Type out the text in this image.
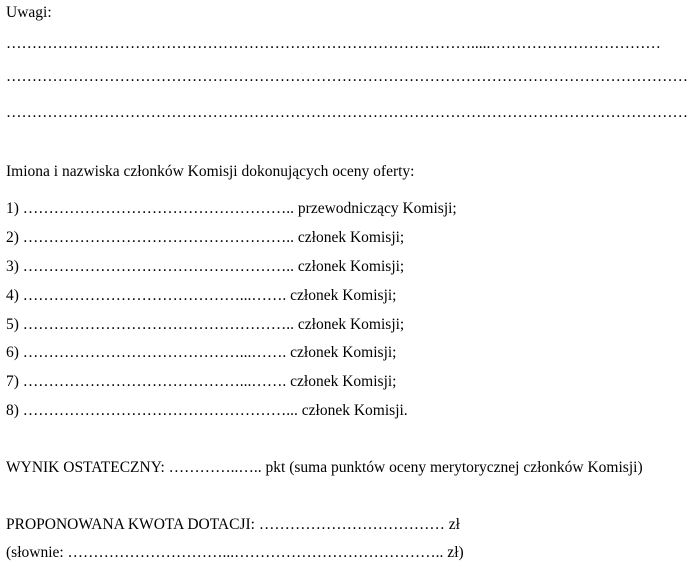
Uwagi:
……………………………………………………………………………….....……………………………
……………………………………………………………………………………………………………………
……………………………………………………………………………………………………………………
Imiona i nazwiska członków Komisji dokonujących oceny oferty:
1) …………………………………………….. przewodniczący Komisji;
2) …………………………………………….. członek Komisji;
3) …………………………………………….. członek Komisji;
4) ……………………………………...……. członek Komisji;
5) …………………………………………….. członek Komisji;
6) ……………………………………...……. członek Komisji;
7) ……………………………………...……. członek Komisji;
8) ……………………………………………... członek Komisji.
WYNIK OSTATECZNY: …………..….. pkt (suma punktów oceny merytorycznej członków Komisji)
PROPONOWANA KWOTA DOTACJI: ……………………………… zł
(słownie: …………………………...………………………………….. zł)
